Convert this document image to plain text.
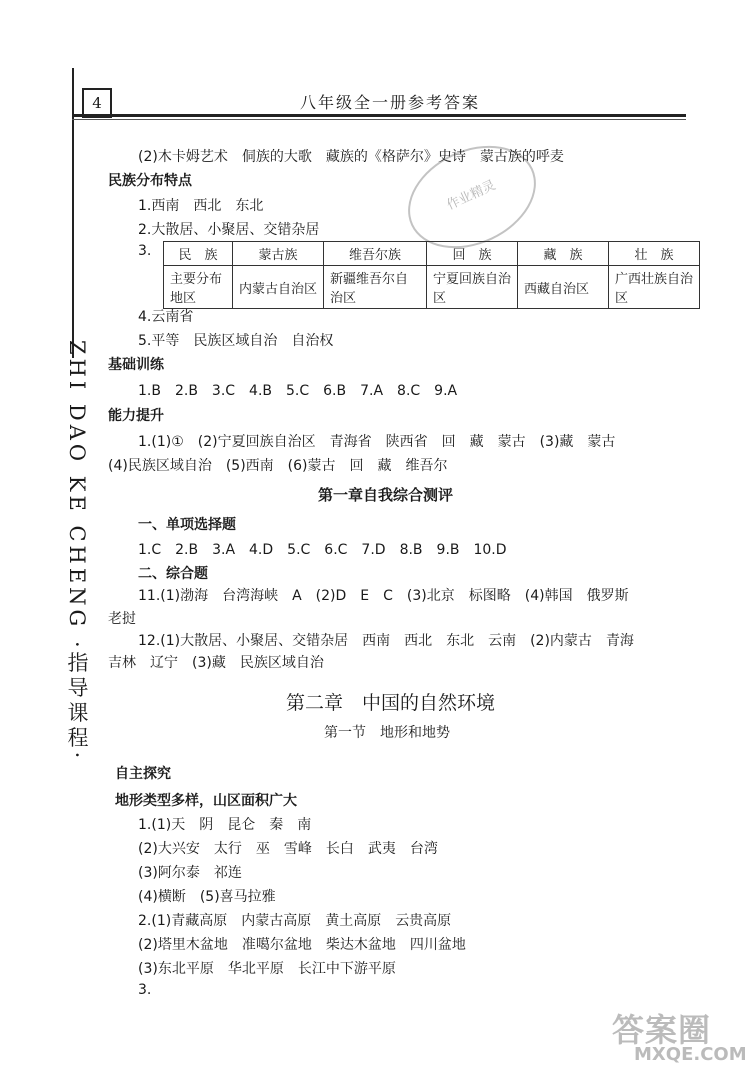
4	八年级全一册参考答案
ZHI DAO KE CHENG ·指导课程·
作业精灵
(2)木卡姆艺术　侗族的大歌　藏族的《格萨尔》史诗　蒙古族的呼麦
民族分布特点
1.西南　西北　东北
2.大散居、小聚居、交错杂居
3. 民　族	蒙古族	维吾尔族	回　族	藏　族	壮　族
主要分布地区	内蒙古自治区	新疆维吾尔自治区	宁夏回族自治区	西藏自治区	广西壮族自治区
4.云南省
5.平等　民族区域自治　自治权
基础训练
1.B　2.B　3.C　4.B　5.C　6.B　7.A　8.C　9.A
能力提升
1.(1)①　(2)宁夏回族自治区　青海省　陕西省　回　藏　蒙古　(3)藏　蒙古
(4)民族区域自治　(5)西南　(6)蒙古　回　藏　维吾尔
第一章自我综合测评
一、单项选择题
1.C　2.B　3.A　4.D　5.C　6.C　7.D　8.B　9.B　10.D
二、综合题
11.(1)渤海　台湾海峡　A　(2)D　E　C　(3)北京　标图略　(4)韩国　俄罗斯
老挝
12.(1)大散居、小聚居、交错杂居　西南　西北　东北　云南　(2)内蒙古　青海
吉林　辽宁　(3)藏　民族区域自治
第二章　中国的自然环境
第一节　地形和地势
自主探究
地形类型多样，山区面积广大
1.(1)天　阴　昆仑　秦　南
(2)大兴安　太行　巫　雪峰　长白　武夷　台湾
(3)阿尔泰　祁连
(4)横断　(5)喜马拉雅
2.(1)青藏高原　内蒙古高原　黄土高原　云贵高原
(2)塔里木盆地　准噶尔盆地　柴达木盆地　四川盆地
(3)东北平原　华北平原　长江中下游平原
3.
答案圈
MXQE.COM
